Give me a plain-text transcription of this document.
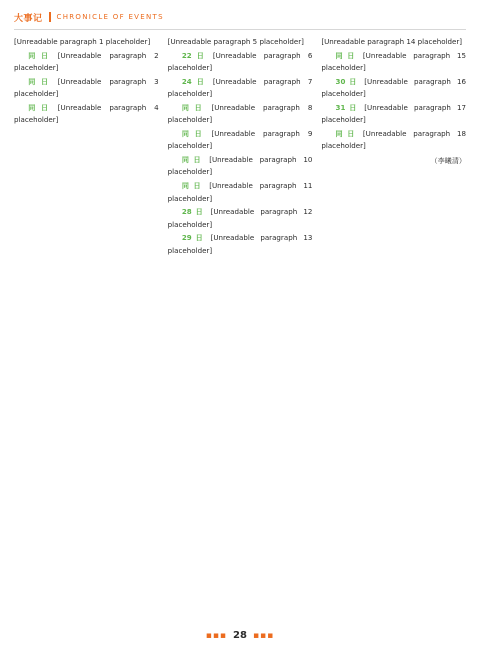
大事记 CHRONICLE OF EVENTS

[Unreadable paragraph 1 placeholder]

同日 [Unreadable paragraph 2 placeholder]

同日 [Unreadable paragraph 3 placeholder]

同日 [Unreadable paragraph 4 placeholder]

[Unreadable paragraph 5 placeholder]

22日 [Unreadable paragraph 6 placeholder]

24日 [Unreadable paragraph 7 placeholder]

同日 [Unreadable paragraph 8 placeholder]

同日 [Unreadable paragraph 9 placeholder]

同日 [Unreadable paragraph 10 placeholder]

同日 [Unreadable paragraph 11 placeholder]

28日 [Unreadable paragraph 12 placeholder]

29日 [Unreadable paragraph 13 placeholder]

[Unreadable paragraph 14 placeholder]

同日 [Unreadable paragraph 15 placeholder]

30日 [Unreadable paragraph 16 placeholder]

31日 [Unreadable paragraph 17 placeholder]

同日 [Unreadable paragraph 18 placeholder]

（李曦清）

▪▪▪ 28 ▪▪▪
